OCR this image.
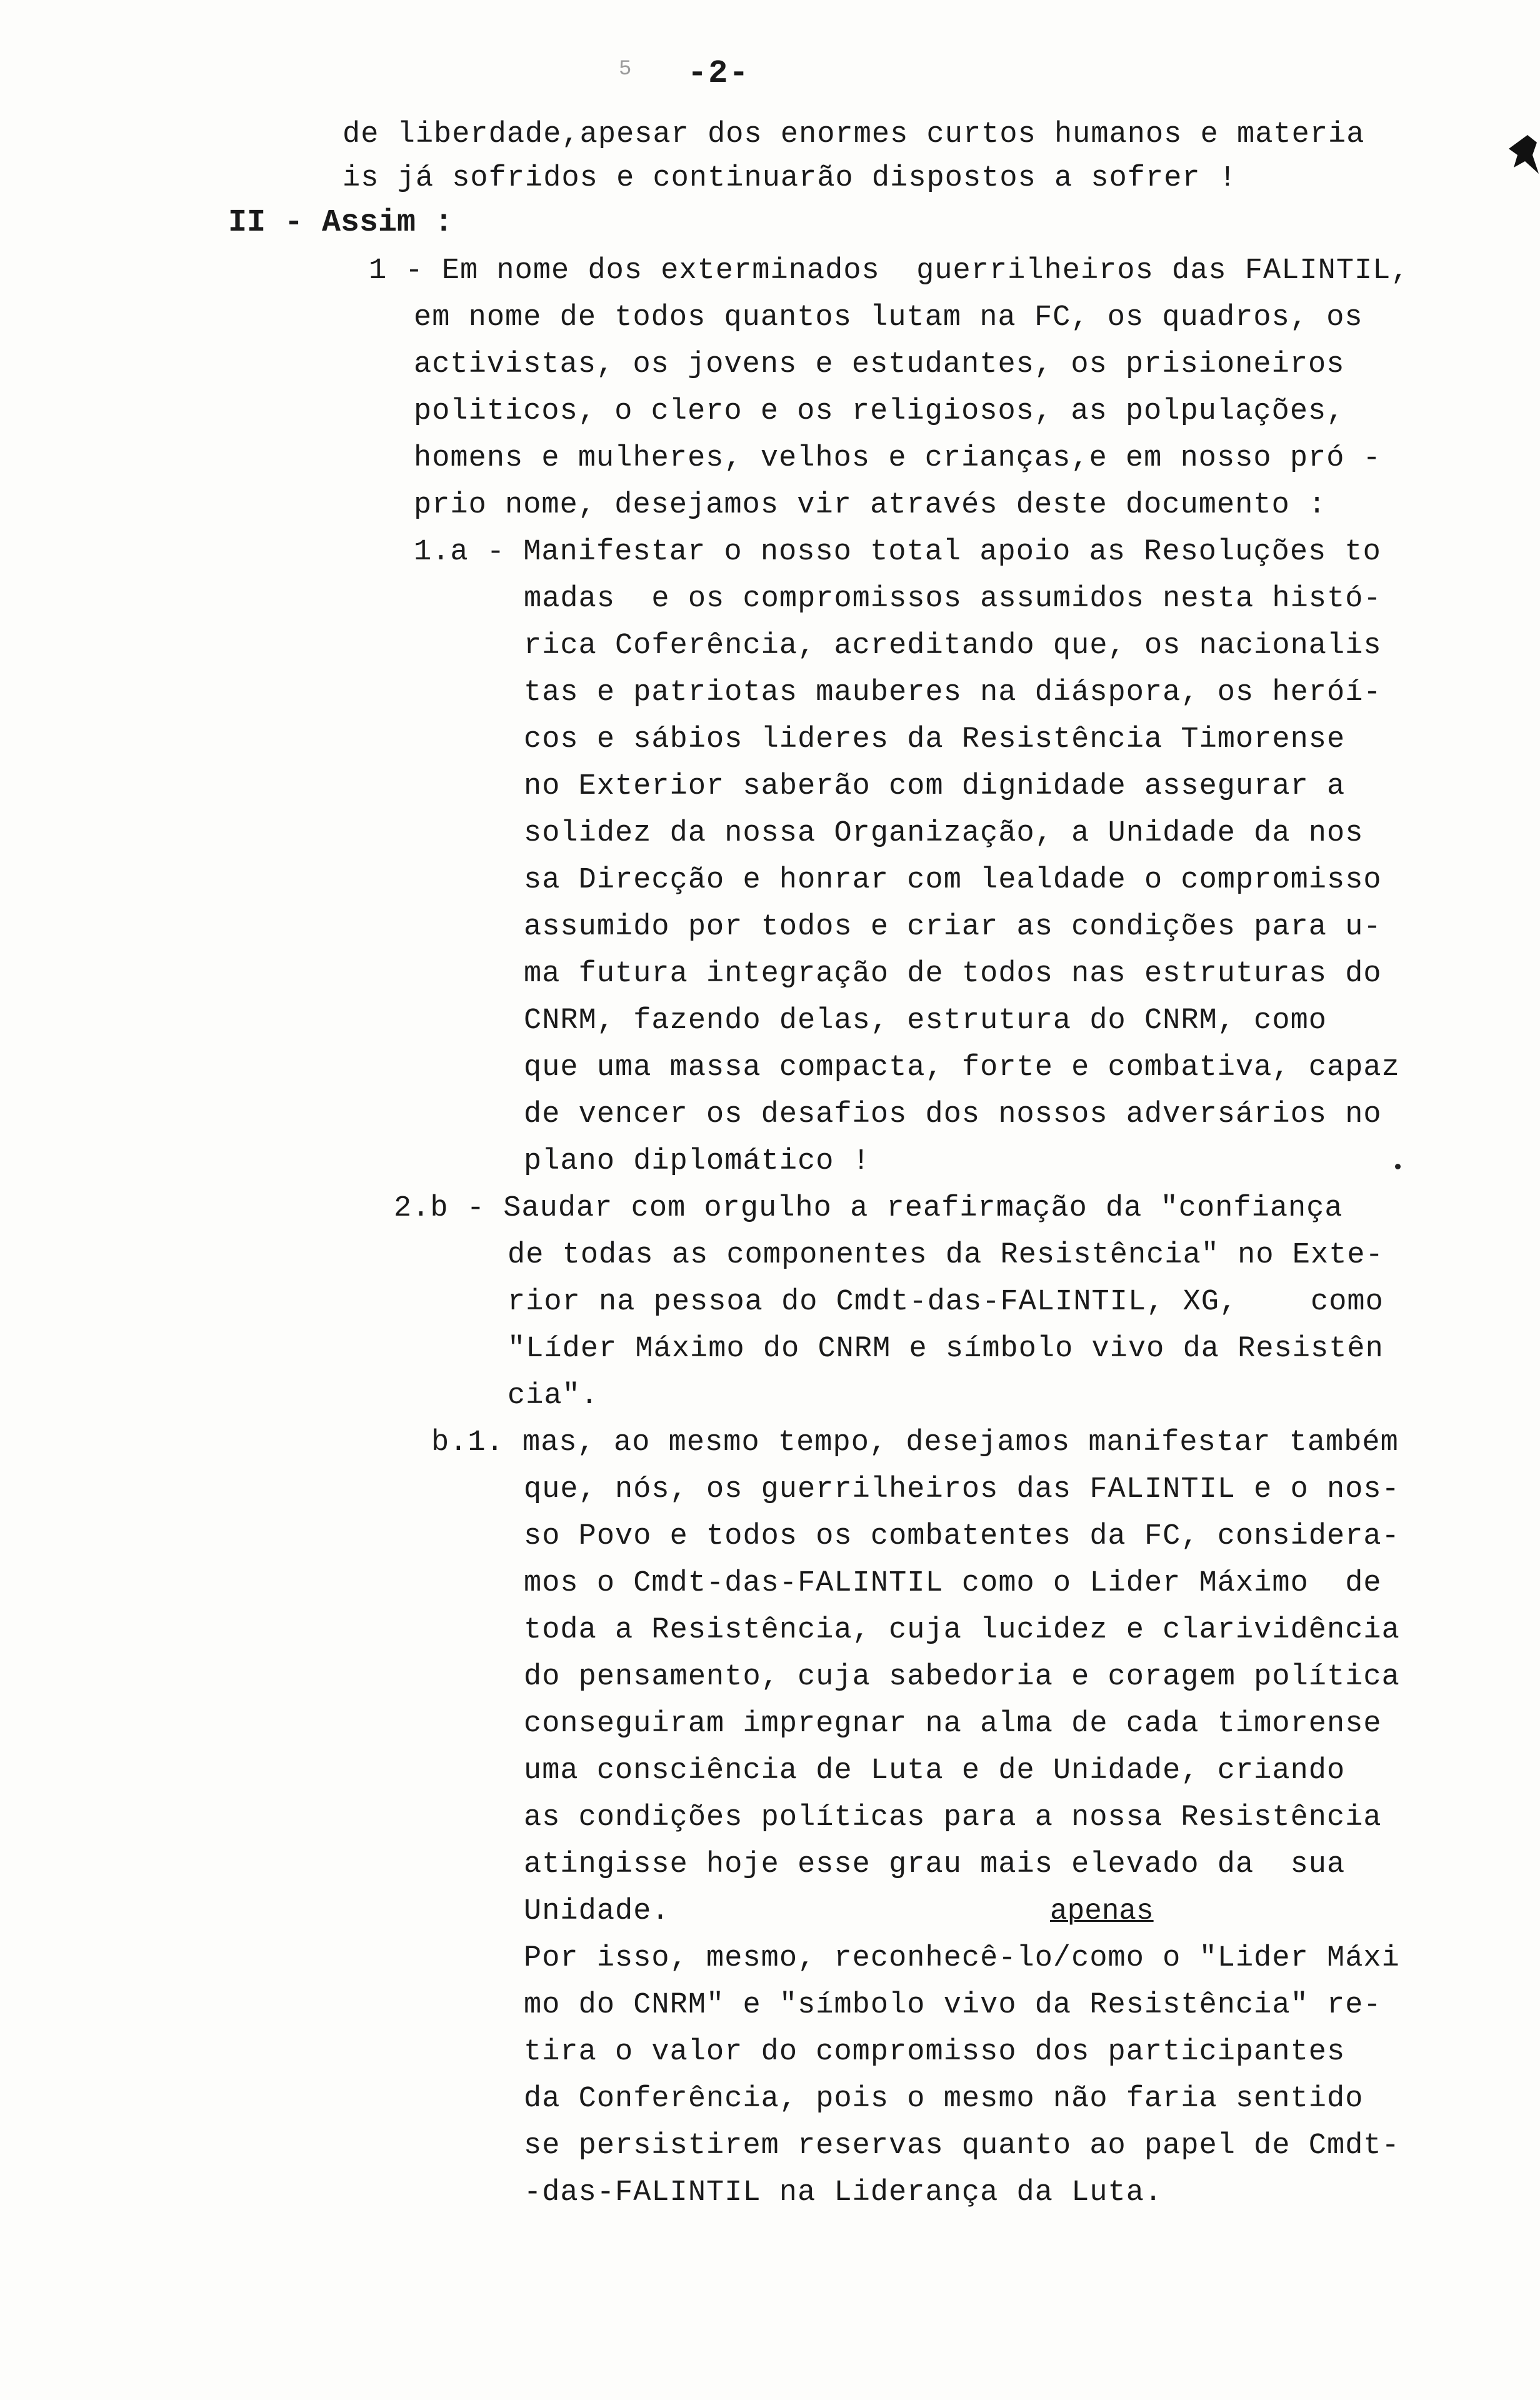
5 -2-
de liberdade,apesar dos enormes curtos humanos e materia
is já sofridos e continuarão dispostos a sofrer !
II - Assim :
1 - Em nome dos exterminados  guerrilheiros das FALINTIL,
em nome de todos quantos lutam na FC, os quadros, os
activistas, os jovens e estudantes, os prisioneiros
politicos, o clero e os religiosos, as polpulações,
homens e mulheres, velhos e crianças,e em nosso pró -
prio nome, desejamos vir através deste documento :
1.a - Manifestar o nosso total apoio as Resoluções to
madas  e os compromissos assumidos nesta histó-
rica Coferência, acreditando que, os nacionalis
tas e patriotas mauberes na diáspora, os heróí-
cos e sábios lideres da Resistência Timorense
no Exterior saberão com dignidade assegurar a
solidez da nossa Organização, a Unidade da nos
sa Direcção e honrar com lealdade o compromisso
assumido por todos e criar as condições para u-
ma futura integração de todos nas estruturas do
CNRM, fazendo delas, estrutura do CNRM, como
que uma massa compacta, forte e combativa, capaz
de vencer os desafios dos nossos adversários no
plano diplomático !
2.b - Saudar com orgulho a reafirmação da "confiança
de todas as componentes da Resistência" no Exte-
rior na pessoa do Cmdt-das-FALINTIL, XG,    como
"Líder Máximo do CNRM e símbolo vivo da Resistên
cia".
b.1. mas, ao mesmo tempo, desejamos manifestar também
que, nós, os guerrilheiros das FALINTIL e o nos-
so Povo e todos os combatentes da FC, considera-
mos o Cmdt-das-FALINTIL como o Lider Máximo  de
toda a Resistência, cuja lucidez e clarividência
do pensamento, cuja sabedoria e coragem política
conseguiram impregnar na alma de cada timorense
uma consciência de Luta e de Unidade, criando
as condições políticas para a nossa Resistência
atingisse hoje esse grau mais elevado da  sua
Unidade.	apenas
Por isso, mesmo, reconhecê-lo/como o "Lider Máxi
mo do CNRM" e "símbolo vivo da Resistência" re-
tira o valor do compromisso dos participantes
da Conferência, pois o mesmo não faria sentido
se persistirem reservas quanto ao papel de Cmdt-
-das-FALINTIL na Liderança da Luta.
